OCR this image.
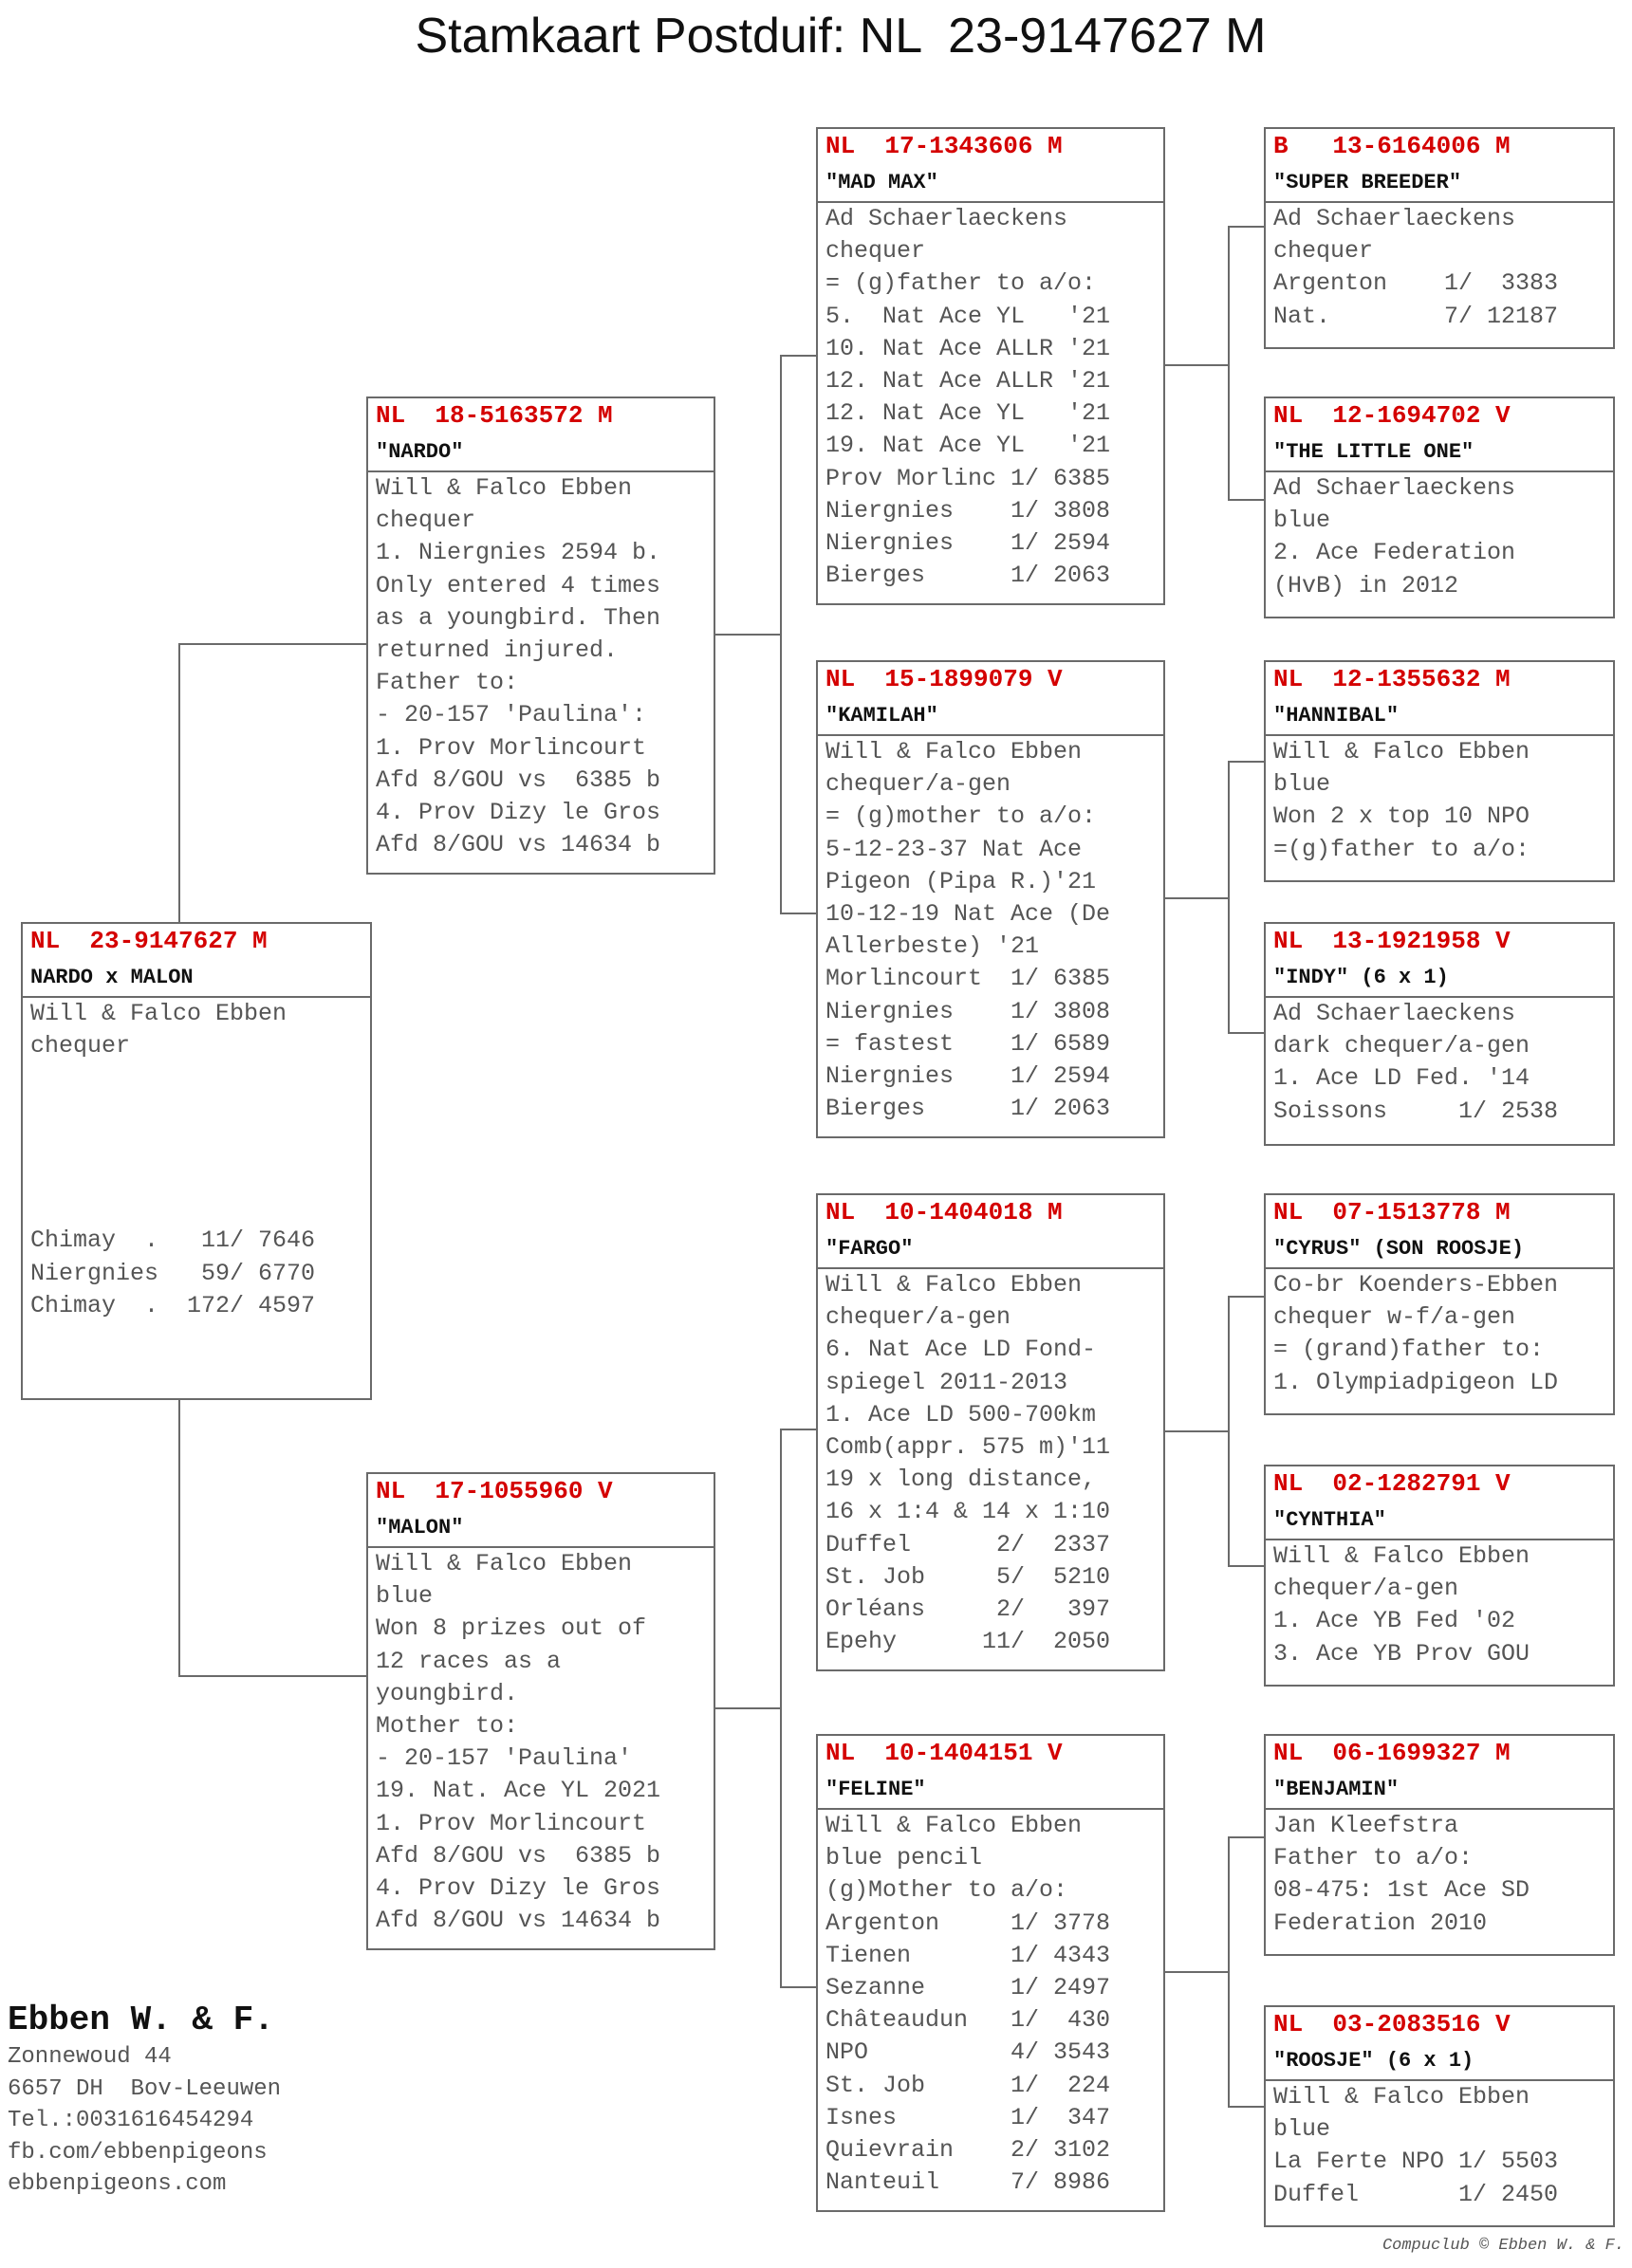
Stamkaart Postduif: NL  23-9147627 M
NL  23-9147627 M
NARDO x MALON
Will & Falco Ebben
chequer
Chimay  .   11/ 7646
Niergnies   59/ 6770
Chimay  .  172/ 4597
NL  18-5163572 M
"NARDO"
Will & Falco Ebben
chequer
1. Niergnies 2594 b.
Only entered 4 times
as a youngbird. Then
returned injured.
Father to:
- 20-157 'Paulina':
1. Prov Morlincourt
Afd 8/GOU vs  6385 b
4. Prov Dizy le Gros
Afd 8/GOU vs 14634 b
NL  17-1055960 V
"MALON"
Will & Falco Ebben
blue
Won 8 prizes out of
12 races as a
youngbird.
Mother to:
- 20-157 'Paulina'
19. Nat. Ace YL 2021
1. Prov Morlincourt
Afd 8/GOU vs  6385 b
4. Prov Dizy le Gros
Afd 8/GOU vs 14634 b
NL  17-1343606 M
"MAD MAX"
Ad Schaerlaeckens
chequer
= (g)father to a/o:
5.  Nat Ace YL   '21
10. Nat Ace ALLR '21
12. Nat Ace ALLR '21
12. Nat Ace YL   '21
19. Nat Ace YL   '21
Prov Morlinc 1/ 6385
Niergnies    1/ 3808
Niergnies    1/ 2594
Bierges      1/ 2063
NL  15-1899079 V
"KAMILAH"
Will & Falco Ebben
chequer/a-gen
= (g)mother to a/o:
5-12-23-37 Nat Ace
Pigeon (Pipa R.)'21
10-12-19 Nat Ace (De
Allerbeste) '21
Morlincourt  1/ 6385
Niergnies    1/ 3808
= fastest    1/ 6589
Niergnies    1/ 2594
Bierges      1/ 2063
NL  10-1404018 M
"FARGO"
Will & Falco Ebben
chequer/a-gen
6. Nat Ace LD Fond-
spiegel 2011-2013
1. Ace LD 500-700km
Comb(appr. 575 m)'11
19 x long distance,
16 x 1:4 & 14 x 1:10
Duffel      2/  2337
St. Job     5/  5210
Orléans     2/   397
Epehy      11/  2050
NL  10-1404151 V
"FELINE"
Will & Falco Ebben
blue pencil
(g)Mother to a/o:
Argenton     1/ 3778
Tienen       1/ 4343
Sezanne      1/ 2497
Châteaudun   1/  430
NPO          4/ 3543
St. Job      1/  224
Isnes        1/  347
Quievrain    2/ 3102
Nanteuil     7/ 8986
B   13-6164006 M
"SUPER BREEDER"
Ad Schaerlaeckens
chequer
Argenton    1/  3383
Nat.        7/ 12187
NL  12-1694702 V
"THE LITTLE ONE"
Ad Schaerlaeckens
blue
2. Ace Federation
(HvB) in 2012
NL  12-1355632 M
"HANNIBAL"
Will & Falco Ebben
blue
Won 2 x top 10 NPO
=(g)father to a/o:
NL  13-1921958 V
"INDY" (6 x 1)
Ad Schaerlaeckens
dark chequer/a-gen
1. Ace LD Fed. '14
Soissons     1/ 2538
NL  07-1513778 M
"CYRUS" (SON ROOSJE)
Co-br Koenders-Ebben
chequer w-f/a-gen
= (grand)father to:
1. Olympiadpigeon LD
NL  02-1282791 V
"CYNTHIA"
Will & Falco Ebben
chequer/a-gen
1. Ace YB Fed '02
3. Ace YB Prov GOU
NL  06-1699327 M
"BENJAMIN"
Jan Kleefstra
Father to a/o:
08-475: 1st Ace SD
Federation 2010
NL  03-2083516 V
"ROOSJE" (6 x 1)
Will & Falco Ebben
blue
La Ferte NPO 1/ 5503
Duffel       1/ 2450
Ebben W. & F.
Zonnewoud 44
6657 DH  Bov-Leeuwen
Tel.:0031616454294
fb.com/ebbenpigeons
ebbenpigeons.com
Compuclub © Ebben W. & F.
